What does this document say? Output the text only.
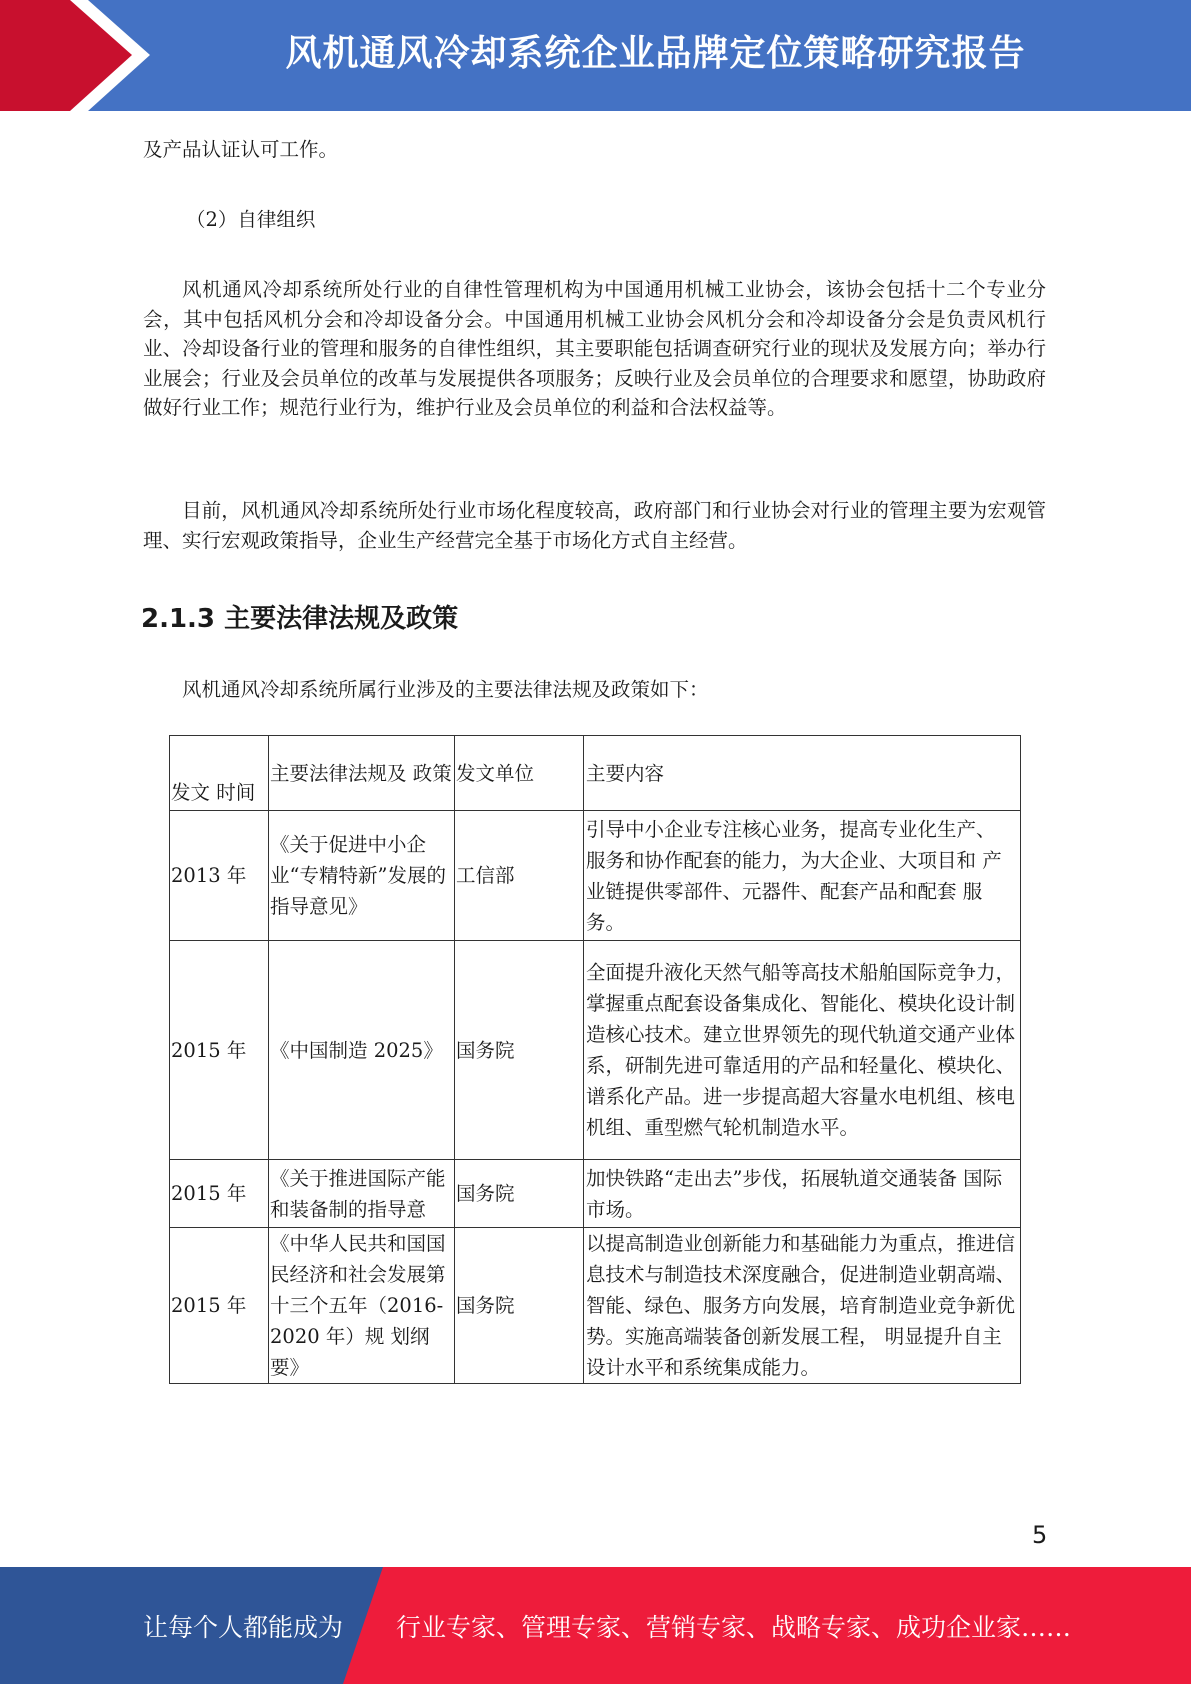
风机通风冷却系统企业品牌定位策略研究报告
及产品认证认可工作。
（2）自律组织
风机通风冷却系统所处行业的自律性管理机构为中国通用机械工业协会，该协会包括十二个专业分会，其中包括风机分会和冷却设备分会。中国通用机械工业协会风机分会和冷却设备分会是负责风机行业、冷却设备行业的管理和服务的自律性组织，其主要职能包括调查研究行业的现状及发展方向；举办行业展会；行业及会员单位的改革与发展提供各项服务；反映行业及会员单位的合理要求和愿望，协助政府做好行业工作；规范行业行为，维护行业及会员单位的利益和合法权益等。
目前，风机通风冷却系统所处行业市场化程度较高，政府部门和行业协会对行业的管理主要为宏观管理、实行宏观政策指导，企业生产经营完全基于市场化方式自主经营。
2.1.3 主要法律法规及政策
风机通风冷却系统所属行业涉及的主要法律法规及政策如下：
发文 时间	主要法律法规及 政策	发文单位	主要内容
2013 年	《关于促进中小企业“专精特新”发展的指导意见》	工信部	引导中小企业专注核心业务，提高专业化生产、 服务和协作配套的能力，为大企业、大项目和 产业链提供零部件、元器件、配套产品和配套 服务。
2015 年	《中国制造 2025》	国务院	全面提升液化天然气船等高技术船舶国际竞争力，掌握重点配套设备集成化、智能化、模块化设计制造核心技术。建立世界领先的现代轨道交通产业体系，研制先进可靠适用的产品和轻量化、模块化、谱系化产品。进一步提高超大容量水电机组、核电机组、重型燃气轮机制造水平。
2015 年	《关于推进国际产能和装备制的指导意	国务院	加快铁路“走出去”步伐，拓展轨道交通装备 国际市场。
2015 年	《中华人民共和国国民经济和社会发展第十三个五年（2016-2020 年）规 划纲要》	国务院	以提高制造业创新能力和基础能力为重点，推进信息技术与制造技术深度融合，促进制造业朝高端、智能、绿色、服务方向发展，培育制造业竞争新优势。实施高端装备创新发展工程， 明显提升自主设计水平和系统集成能力。
5
让每个人都能成为 行业专家、管理专家、营销专家、战略专家、成功企业家……
